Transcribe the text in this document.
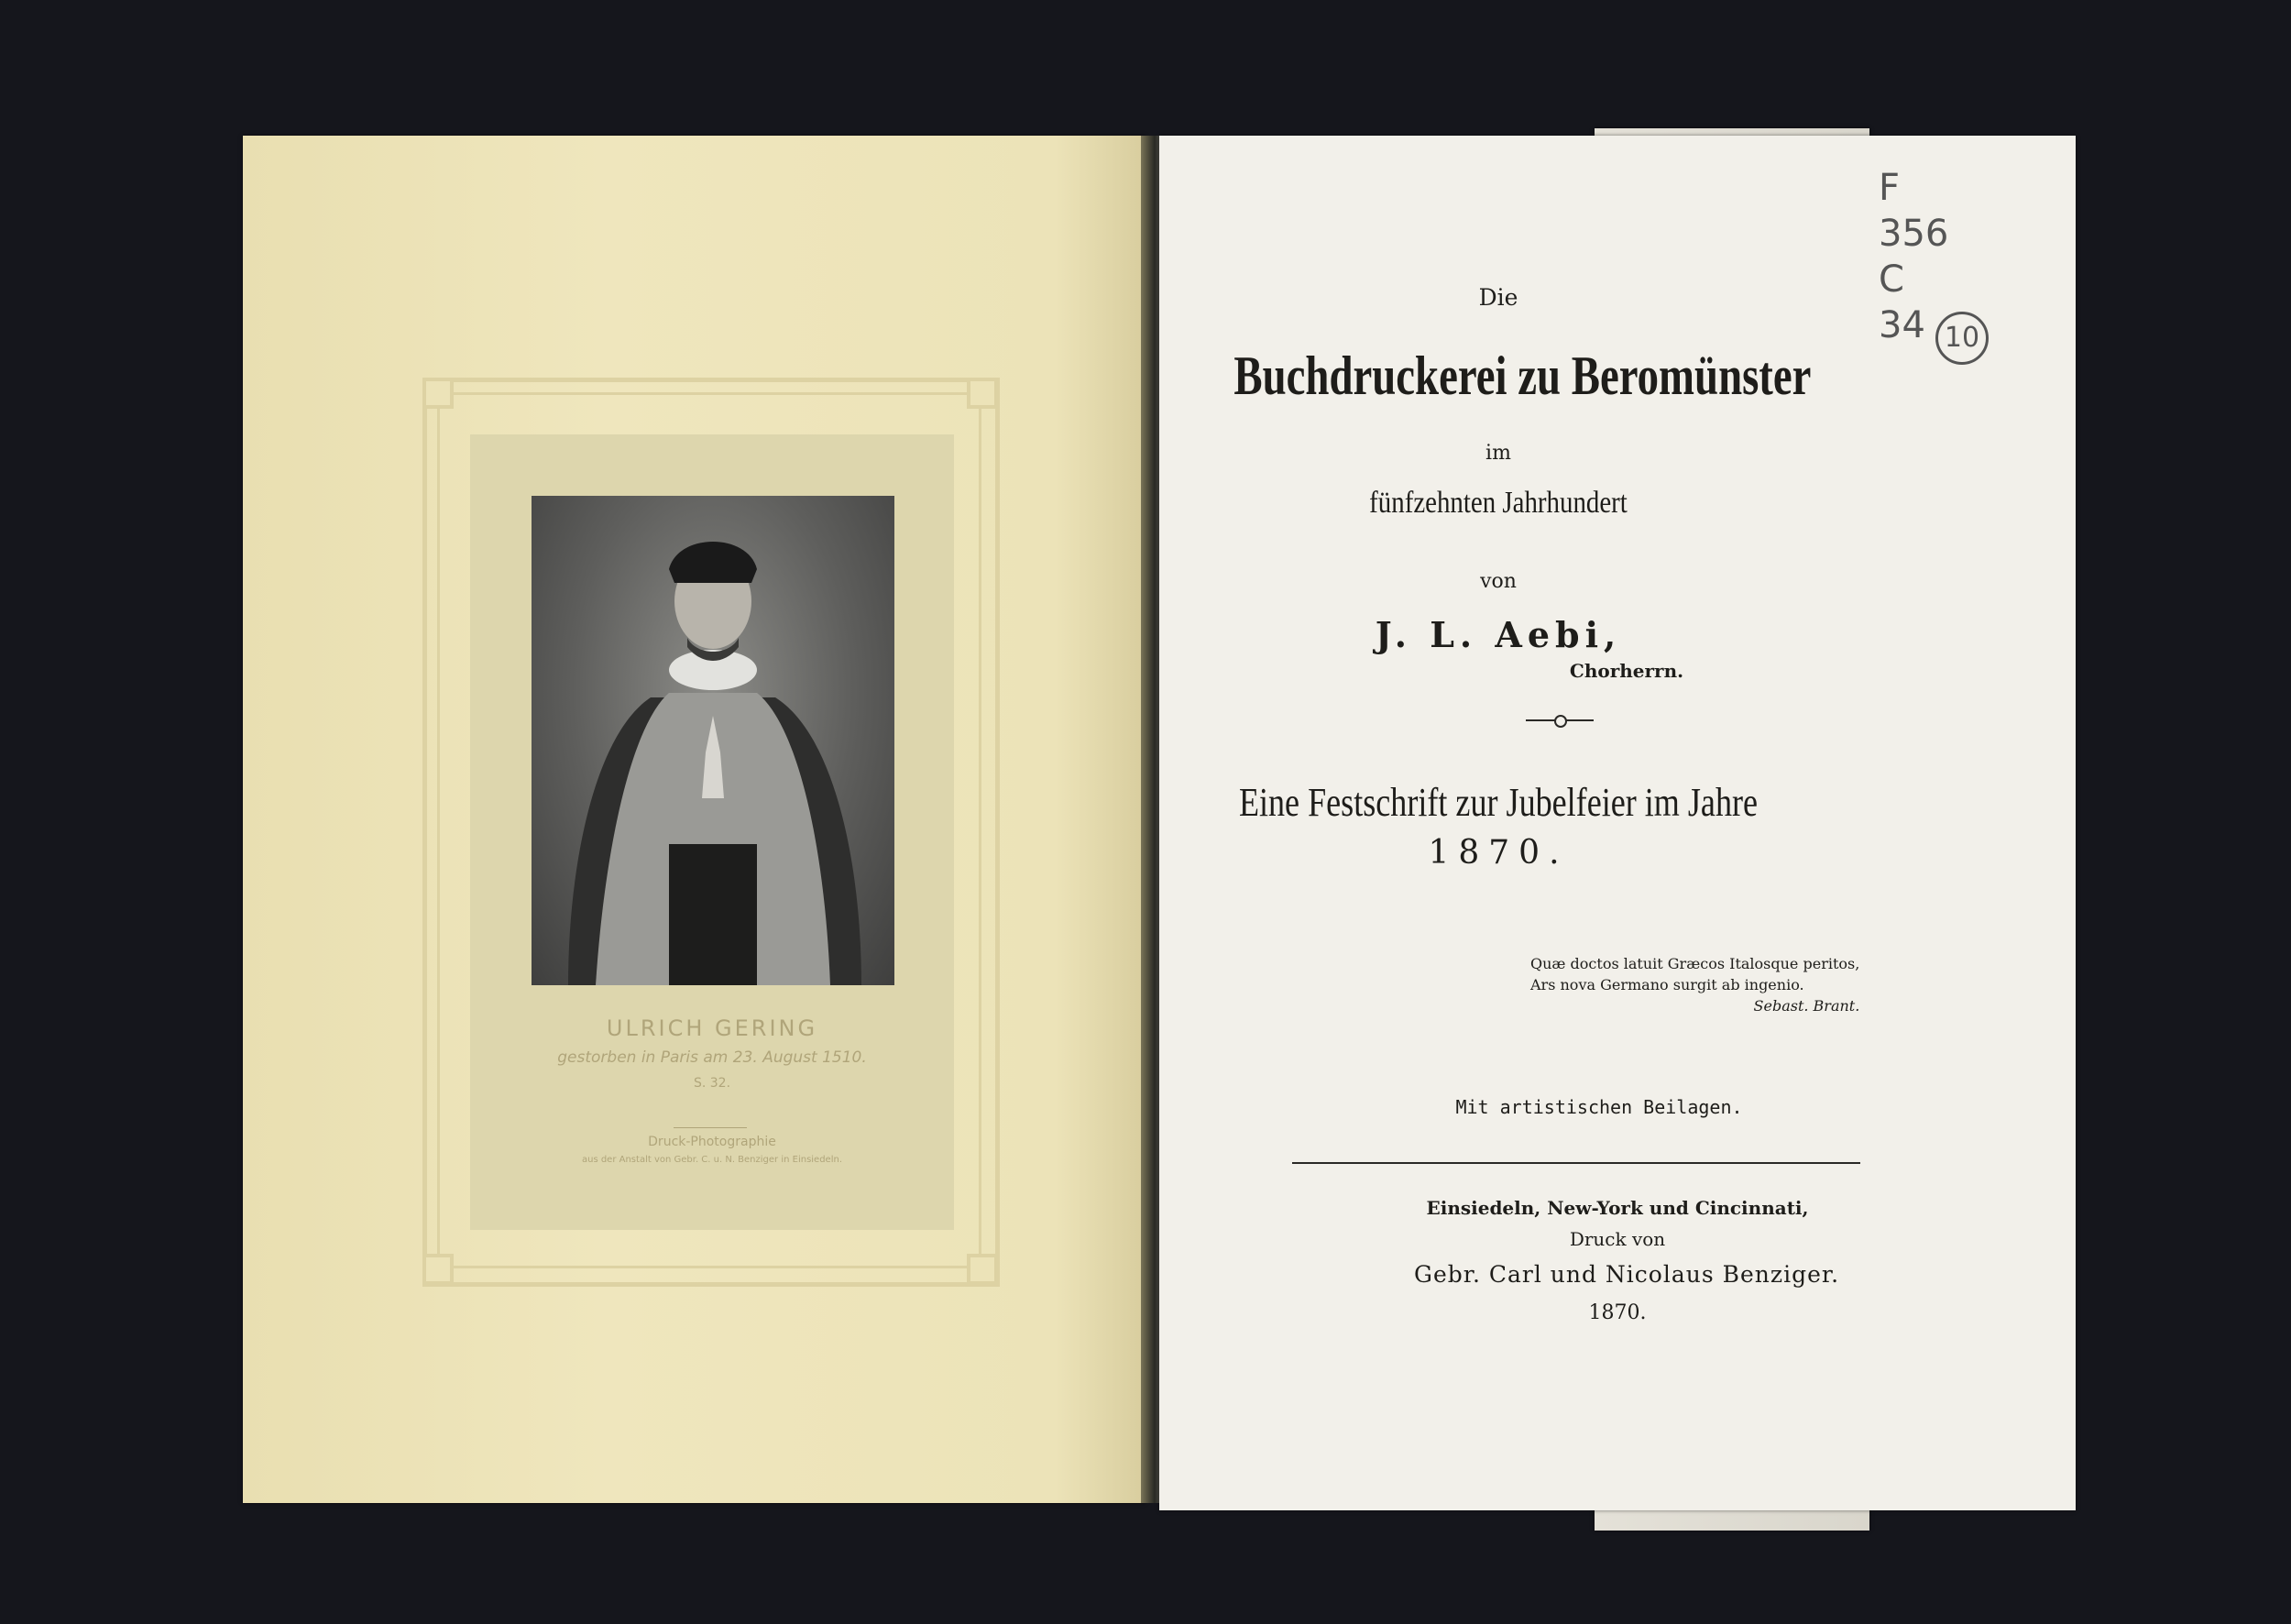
ULRICH GERING
gestorben in Paris am 23. August 1510.
S. 32.
Druck-Photographie
aus der Anstalt von Gebr. C. u. N. Benziger in Einsiedeln.
Die
Buchdruckerei zu Beromünster
im
fünfzehnten Jahrhundert
von
J. L. Aebi,
Chorherrn.
Eine Festschrift zur Jubelfeier im Jahre
1870.
Quæ doctos latuit Græcos Italosque peritos,
Ars nova Germano surgit ab ingenio.
Sebast. Brant.
Mit artistischen Beilagen.
Einsiedeln, New-York und Cincinnati,
Druck von
Gebr. Carl und Nicolaus Benziger.
1870.
F
356
C
34 10
